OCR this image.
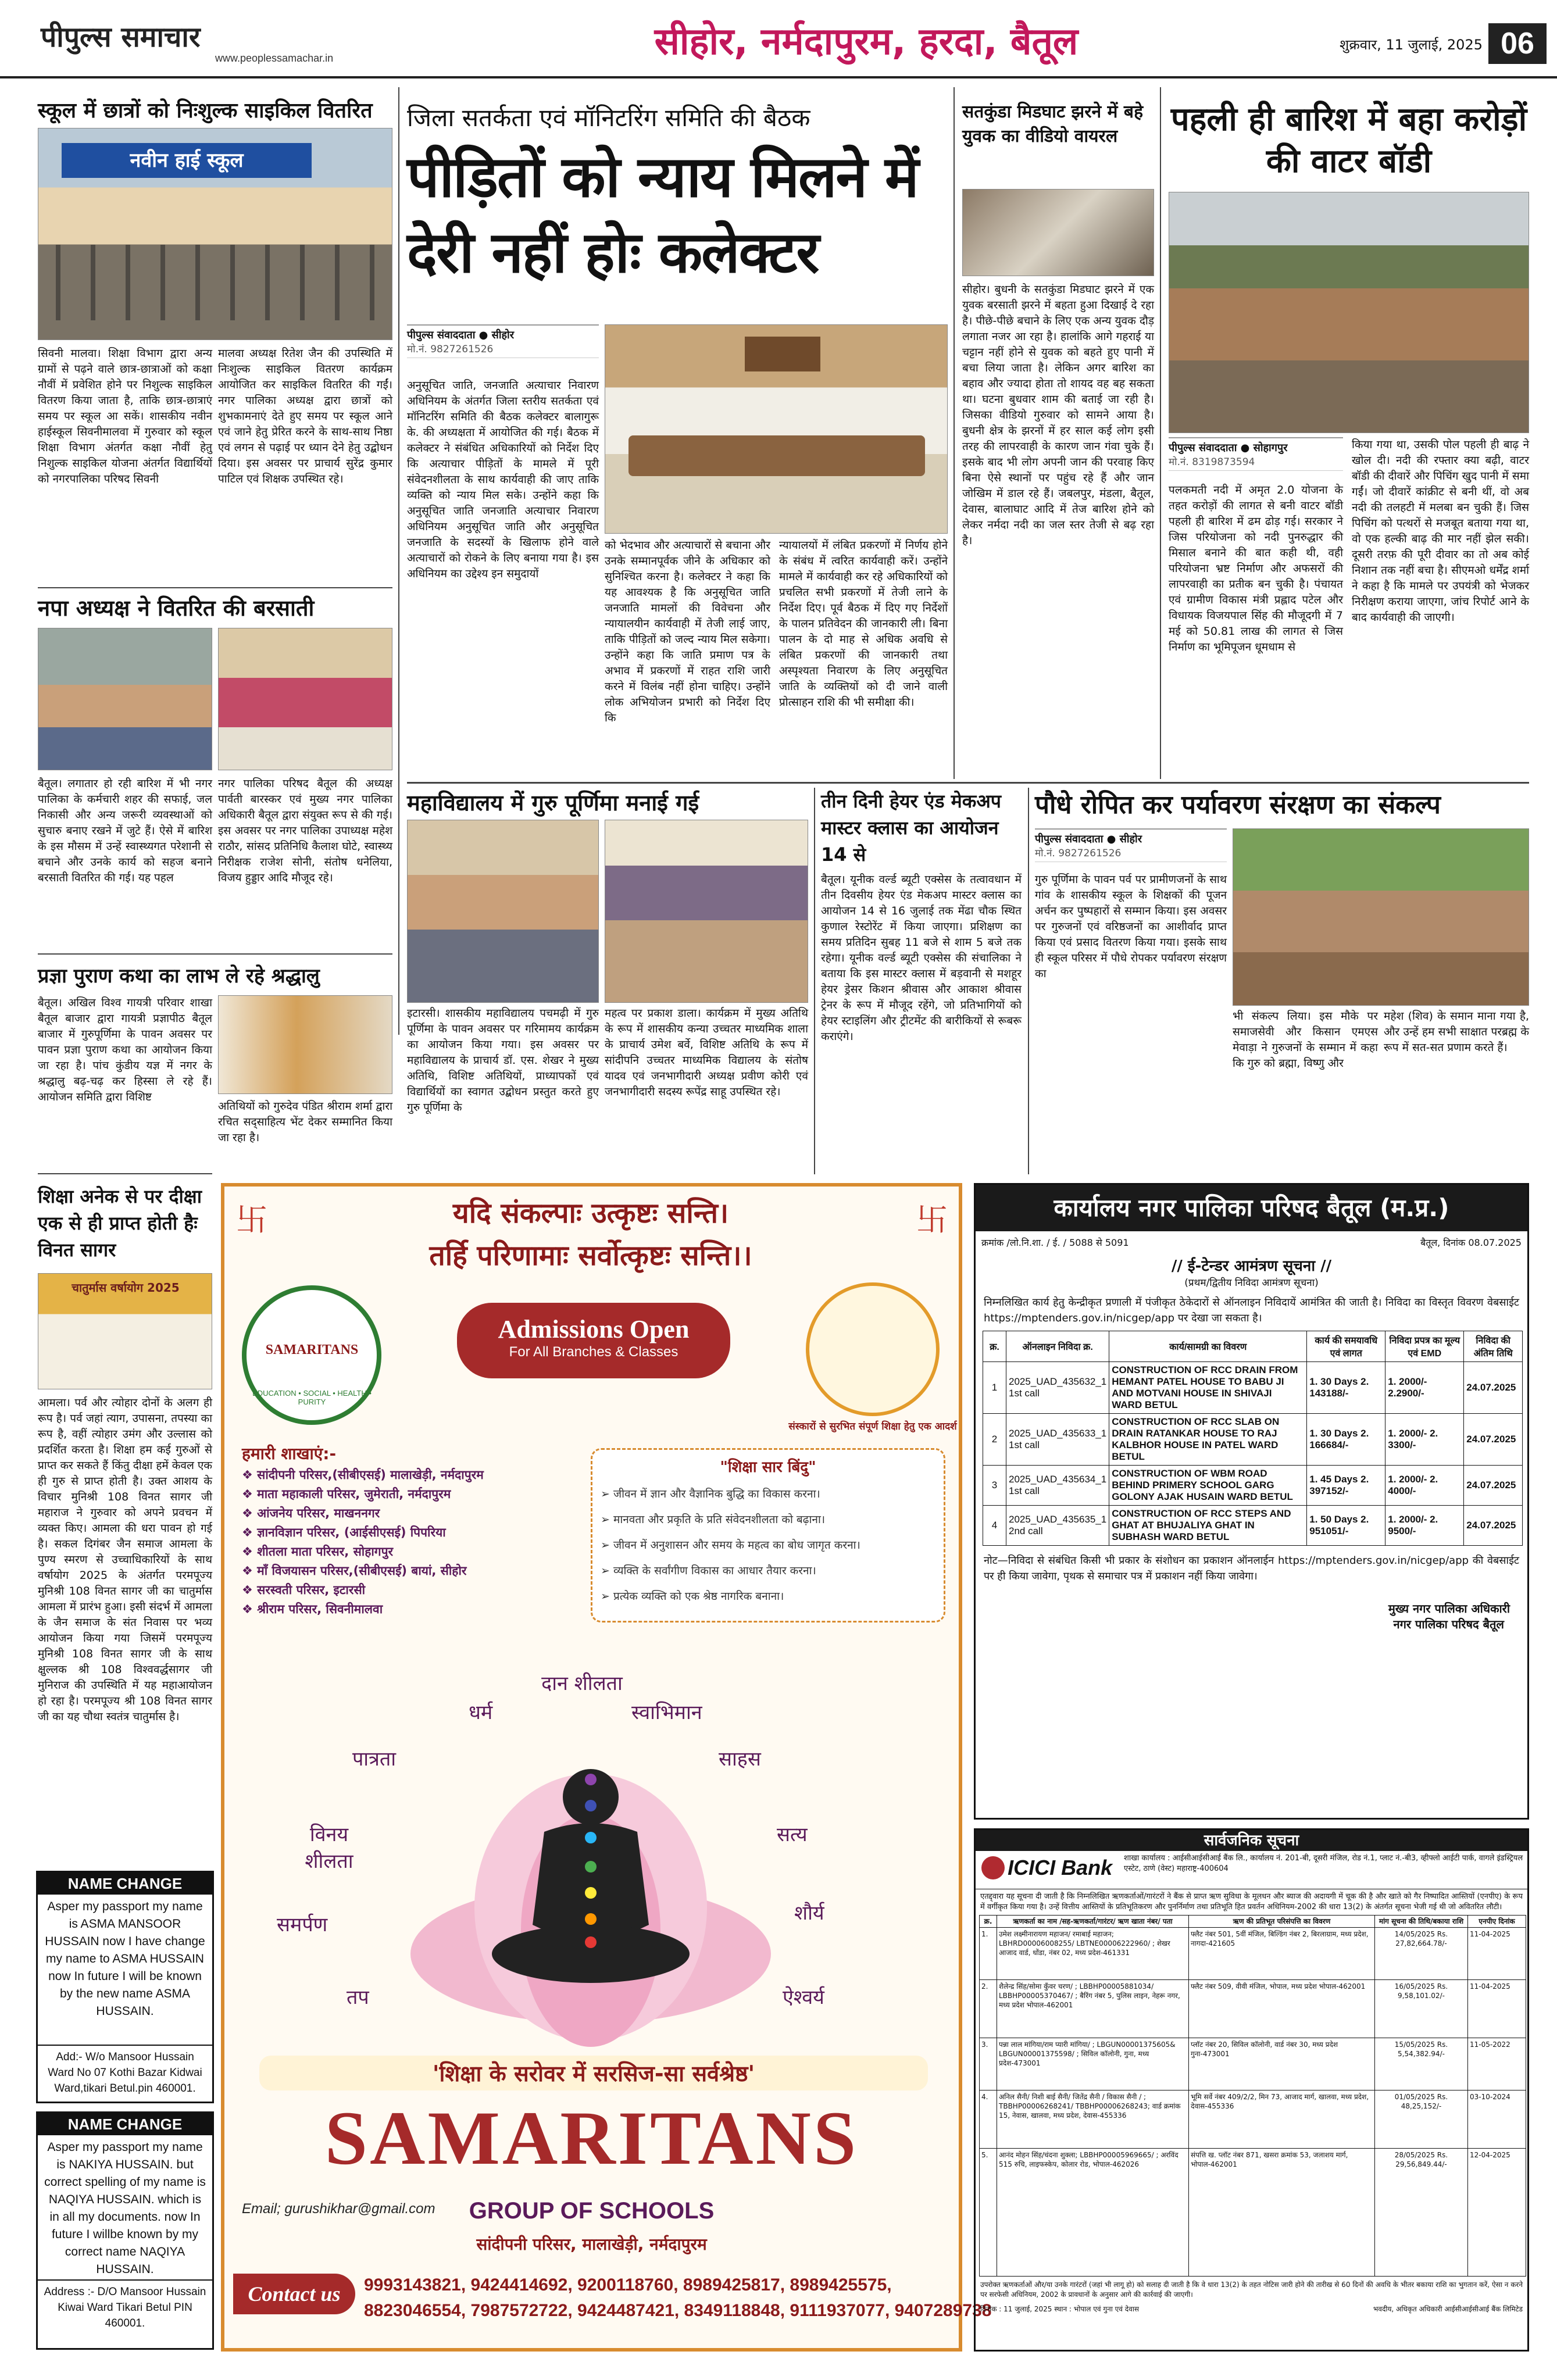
पीपुल्स समाचार
www.peoplessamachar.in	सीहोर, नर्मदापुरम, हरदा, बैतूल	शुक्रवार, 11 जुलाई, 2025 06
स्कूल में छात्रों को निःशुल्क साइकिल वितरित
नवीन हाई स्कूल
सिवनी मालवा। शिक्षा विभाग द्वारा अन्य ग्रामों से पढ़ने वाले छात्र-छात्राओं को कक्षा नौवीं में प्रवेशित होने पर निशुल्क साइकिल वितरण किया जाता है, ताकि छात्र-छात्राएं समय पर स्कूल आ सकें। शासकीय नवीन हाईस्कूल सिवनीमालवा में गुरुवार को स्कूल शिक्षा विभाग अंतर्गत कक्षा नौवीं हेतु निशुल्क साइकिल योजना अंतर्गत विद्यार्थियों को नगरपालिका परिषद सिवनी
मालवा अध्यक्ष रितेश जैन की उपस्थिति में निःशुल्क साइकिल वितरण कार्यक्रम आयोजित कर साइकिल वितरित की गईं। नगर पालिका अध्यक्ष द्वारा छात्रों को शुभकामनाएं देते हुए समय पर स्कूल आने एवं जाने हेतु प्रेरित करने के साथ-साथ निष्ठा एवं लगन से पढ़ाई पर ध्यान देने हेतु उद्बोधन दिया। इस अवसर पर प्राचार्य सुरेंद्र कुमार पाटिल एवं शिक्षक उपस्थित रहे।
नपा अध्यक्ष ने वितरित की बरसाती
बैतूल। लगातार हो रही बारिश में भी नगर पालिका के कर्मचारी शहर की सफाई, जल निकासी और अन्य जरूरी व्यवस्थाओं को सुचारु बनाए रखने में जुटे हैं। ऐसे में बारिश के इस मौसम में उन्हें स्वास्थ्यगत परेशानी से बचाने और उनके कार्य को सहज बनाने बरसाती वितरित की गई। यह पहल
नगर पालिका परिषद बैतूल की अध्यक्ष पार्वती बारस्कर एवं मुख्य नगर पालिका अधिकारी बैतूल द्वारा संयुक्त रूप से की गई। इस अवसर पर नगर पालिका उपाध्यक्ष महेश राठौर, सांसद प्रतिनिधि कैलाश घोटे, स्वास्थ्य निरीक्षक राजेश सोनी, संतोष धनेलिया, विजय हुड्डार आदि मौजूद रहे।
प्रज्ञा पुराण कथा का लाभ ले रहे श्रद्धालु
बैतूल। अखिल विश्व गायत्री परिवार शाखा बैतूल बाजार द्वारा गायत्री प्रज्ञापीठ बैतूल बाजार में गुरुपूर्णिमा के पावन अवसर पर पावन प्रज्ञा पुराण कथा का आयोजन किया जा रहा है। पांच कुंडीय यज्ञ में नगर के श्रद्धालु बढ़-चढ़ कर हिस्सा ले रहे हैं। आयोजन समिति द्वारा विशिष्ट
अतिथियों को गुरुदेव पंडित श्रीराम शर्मा द्वारा रचित सद्साहित्य भेंट देकर सम्मानित किया जा रहा है।
शिक्षा अनेक से पर दीक्षा एक से ही प्राप्त होती हैः विनत सागर
चातुर्मास वर्षायोग 2025
आमला। पर्व और त्योहार दोनों के अलग ही रूप है। पर्व जहां त्याग, उपासना, तपस्या का रूप है, वहीं त्योहार उमंग और उल्लास को प्रदर्शित करता है। शिक्षा हम कई गुरुओं से प्राप्त कर सकते हैं किंतु दीक्षा हमें केवल एक ही गुरु से प्राप्त होती है। उक्त आशय के विचार मुनिश्री 108 विनत सागर जी महाराज ने गुरुवार को अपने प्रवचन में व्यक्त किए। आमला की धरा पावन हो गई है। सकल दिगंबर जैन समाज आमला के पुण्य स्मरण से उच्चाधिकारियों के साथ वर्षायोग 2025 के अंतर्गत परमपूज्य मुनिश्री 108 विनत सागर जी का चातुर्मास आमला में प्रारंभ हुआ। इसी संदर्भ में आमला के जैन समाज के संत निवास पर भव्य आयोजन किया गया जिसमें परमपूज्य मुनिश्री 108 विनत सागर जी के साथ क्षुल्लक श्री 108 विश्ववर्द्धसागर जी मुनिराज की उपस्थिति में यह महाआयोजन हो रहा है। परमपूज्य श्री 108 विनत सागर जी का यह चौथा स्वतंत्र चातुर्मास है।
NAME CHANGE
Asper my passport my name is ASMA MANSOOR HUSSAIN now I have change my name to ASMA HUSSAIN now In future I will be known by the new name ASMA HUSSAIN.
Add:- W/o Mansoor Hussain Ward No 07 Kothi Bazar Kidwai Ward,tikari Betul.pin 460001.
NAME CHANGE
Asper my passport my name is NAKIYA HUSSAIN. but correct spelling of my name is NAQIYA HUSSAIN. which is in all my documents. now In future I willbe known by my correct name NAQIYA HUSSAIN.
Address :- D/O Mansoor Hussain Kiwai Ward Tikari Betul PIN 460001.
जिला सतर्कता एवं मॉनिटरिंग समिति की बैठक
पीड़ितों को न्याय मिलने में देरी नहीं होः कलेक्टर
पीपुल्स संवाददाता ● सीहोर
मो.नं. 9827261526
अनुसूचित जाति, जनजाति अत्याचार निवारण अधिनियम के अंतर्गत जिला स्तरीय सतर्कता एवं मॉनिटरिंग समिति की बैठक कलेक्टर बालागुरू के. की अध्यक्षता में आयोजित की गई। बैठक में कलेक्टर ने संबंधित अधिकारियों को निर्देश दिए कि अत्याचार पीड़ितों के मामले में पूरी संवेदनशीलता के साथ कार्यवाही की जाए ताकि व्यक्ति को न्याय मिल सके। उन्होंने कहा कि अनुसूचित जाति जनजाति अत्याचार निवारण अधिनियम अनुसूचित जाति और अनुसूचित जनजाति के सदस्यों के खिलाफ होने वाले अत्याचारों को रोकने के लिए बनाया गया है। इस अधिनियम का उद्देश्य इन समुदायों
को भेदभाव और अत्याचारों से बचाना और उनके सम्मानपूर्वक जीने के अधिकार को सुनिश्चित करना है। कलेक्टर ने कहा कि यह आवश्यक है कि अनुसूचित जाति जनजाति मामलों की विवेचना और न्यायालयीन कार्यवाही में तेजी लाई जाए, ताकि पीड़ितों को जल्द न्याय मिल सकेगा। उन्होंने कहा कि जाति प्रमाण पत्र के अभाव में प्रकरणों में राहत राशि जारी करने में विलंब नहीं होना चाहिए। उन्होंने लोक अभियोजन प्रभारी को निर्देश दिए कि
न्यायालयों में लंबित प्रकरणों में निर्णय होने के संबंध में त्वरित कार्यवाही करें। उन्होंने मामले में कार्यवाही कर रहे अधिकारियों को प्रचलित सभी प्रकरणों में तेजी लाने के निर्देश दिए। पूर्व बैठक में दिए गए निर्देशों के पालन प्रतिवेदन की जानकारी ली। बिना पालन के दो माह से अधिक अवधि से लंबित प्रकरणों की जानकारी तथा अस्पृश्यता निवारण के लिए अनुसूचित जाति के व्यक्तियों को दी जाने वाली प्रोत्साहन राशि की भी समीक्षा की।
सतकुंडा मिडघाट झरने में बहे युवक का वीडियो वायरल
सीहोर। बुधनी के सतकुंडा मिडघाट झरने में एक युवक बरसाती झरने में बहता हुआ दिखाई दे रहा है। पीछे-पीछे बचाने के लिए एक अन्य युवक दौड़ लगाता नजर आ रहा है। हालांकि आगे गहराई या चट्टान नहीं होने से युवक को बहते हुए पानी में बचा लिया जाता है। लेकिन अगर बारिश का बहाव और ज्यादा होता तो शायद वह बह सकता था। घटना बुधवार शाम की बताई जा रही है। जिसका वीडियो गुरुवार को सामने आया है। बुधनी क्षेत्र के झरनों में हर साल कई लोग इसी तरह की लापरवाही के कारण जान गंवा चुके हैं। इसके बाद भी लोग अपनी जान की परवाह किए बिना ऐसे स्थानों पर पहुंच रहे हैं और जान जोखिम में डाल रहे हैं। जबलपुर, मंडला, बैतूल, देवास, बालाघाट आदि में तेज बारिश होने को लेकर नर्मदा नदी का जल स्तर तेजी से बढ़ रहा है।
पहली ही बारिश में बहा करोड़ों की वाटर बॉडी
पीपुल्स संवाददाता ● सोहागपुर
मो.नं. 8319873594
पलकमती नदी में अमृत 2.0 योजना के तहत करोड़ों की लागत से बनी वाटर बॉडी पहली ही बारिश में ढम ढोड़ गई। सरकार ने जिस परियोजना को नदी पुनरुद्धार की मिसाल बनाने की बात कही थी, वही परियोजना भ्रष्ट निर्माण और अफसरों की लापरवाही का प्रतीक बन चुकी है। पंचायत एवं ग्रामीण विकास मंत्री प्रह्लाद पटेल और विधायक विजयपाल सिंह की मौजूदगी में 7 मई को 50.81 लाख की लागत से जिस निर्माण का भूमिपूजन धूमधाम से
किया गया था, उसकी पोल पहली ही बाढ़ ने खोल दी। नदी की रफ्तार क्या बढ़ी, वाटर बॉडी की दीवारें और पिचिंग खुद पानी में समा गईं। जो दीवारें कांक्रीट से बनी थीं, वो अब नदी की तलहटी में मलबा बन चुकी हैं। जिस पिचिंग को पत्थरों से मजबूत बताया गया था, वो एक हल्की बाढ़ की मार नहीं झेल सकी। दूसरी तरफ़ की पूरी दीवार का तो अब कोई निशान तक नहीं बचा है। सीएमओ धर्मेंद्र शर्मा ने कहा है कि मामले पर उपयंत्री को भेजकर निरीक्षण कराया जाएगा, जांच रिपोर्ट आने के बाद कार्यवाही की जाएगी।
महाविद्यालय में गुरु पूर्णिमा मनाई गई
इटारसी। शासकीय महाविद्यालय पचमढ़ी में गुरु पूर्णिमा के पावन अवसर पर गरिमामय कार्यक्रम का आयोजन किया गया। इस अवसर पर महाविद्यालय के प्राचार्य डॉ. एस. शेखर ने मुख्य अतिथि, विशिष्ट अतिथियों, प्राध्यापकों एवं विद्यार्थियों का स्वागत उद्बोधन प्रस्तुत करते हुए गुरु पूर्णिमा के
महत्व पर प्रकाश डाला। कार्यक्रम में मुख्य अतिथि के रूप में शासकीय कन्या उच्चतर माध्यमिक शाला के प्राचार्य उमेश बर्वे, विशिष्ट अतिथि के रूप में सांदीपनि उच्चतर माध्यमिक विद्यालय के संतोष यादव एवं जनभागीदारी अध्यक्ष प्रवीण कोरी एवं जनभागीदारी सदस्य रूपेंद्र साहू उपस्थित रहे।
तीन दिनी हेयर एंड मेकअप मास्टर क्लास का आयोजन 14 से
बैतूल। यूनीक वर्ल्ड ब्यूटी एक्सेस के तत्वावधान में तीन दिवसीय हेयर एंड मेकअप मास्टर क्लास का आयोजन 14 से 16 जुलाई तक मेंढा चौक स्थित कुणाल रेस्टोरेंट में किया जाएगा। प्रशिक्षण का समय प्रतिदिन सुबह 11 बजे से शाम 5 बजे तक रहेगा। यूनीक वर्ल्ड ब्यूटी एक्सेस की संचालिका ने बताया कि इस मास्टर क्लास में बड़वानी से मशहूर हेयर ड्रेसर किशन श्रीवास और आकाश श्रीवास ट्रेनर के रूप में मौजूद रहेंगे, जो प्रतिभागियों को हेयर स्टाइलिंग और ट्रीटमेंट की बारीकियों से रूबरू कराएंगे।
पौधे रोपित कर पर्यावरण संरक्षण का संकल्प
पीपुल्स संवाददाता ● सीहोर
मो.नं. 9827261526
गुरु पूर्णिमा के पावन पर्व पर प्रामीणजनों के साथ गांव के शासकीय स्कूल के शिक्षकों की पूजन अर्चन कर पुष्पहारों से सम्मान किया। इस अवसर पर गुरुजनों एवं वरिष्ठजनों का आशीर्वाद प्राप्त किया एवं प्रसाद वितरण किया गया। इसके साथ ही स्कूल परिसर में पौधे रोपकर पर्यावरण संरक्षण का
भी संकल्प लिया। इस मौके पर समाजसेवी और किसान एमएस मेवाड़ा ने गुरुजनों के सम्मान में कहा कि गुरु को ब्रह्मा, विष्णु और
महेश (शिव) के समान माना गया है, और उन्हें हम सभी साक्षात परब्रह्म के रूप में सत-सत प्रणाम करते हैं।
卐	卐
यदि संकल्पाः उत्कृष्टः सन्ति।
तर्हि परिणामाः सर्वोत्कृष्टः सन्ति।।
EDUCATION • SOCIAL • HEALTH • PURITY
SAMARITANS
Admissions Open
For All Branches & Classes
संस्कारों से सुरभित संपूर्ण शिक्षा हेतु एक आदर्श
हमारी शाखाएं:-
❖ सांदीपनी परिसर,(सीबीएसई) मालाखेड़ी, नर्मदापुरम
❖ माता महाकाली परिसर, जुमेराती, नर्मदापुरम
❖ आंजनेय परिसर, माखननगर
❖ ज्ञानविज्ञान परिसर, (आईसीएसई) पिपरिया
❖ शीतला माता परिसर, सोहागपुर
❖ माँ विजयासन परिसर,(सीबीएसई) बायां, सीहोर
❖ सरस्वती परिसर, इटारसी
❖ श्रीराम परिसर, सिवनीमालवा
"शिक्षा सार बिंदु"
➢ जीवन में ज्ञान और वैज्ञानिक बुद्धि का विकास करना।
➢ मानवता और प्रकृति के प्रति संवेदनशीलता को बढ़ाना।
➢ जीवन में अनुशासन और समय के महत्व का बोध जागृत करना।
➢ व्यक्ति के सर्वांगीण विकास का आधार तैयार करना।
➢ प्रत्येक व्यक्ति को एक श्रेष्ठ नागरिक बनाना।
दान शीलता
धर्म	स्वाभिमान
पात्रता	साहस
विनय शीलता
सत्य
समर्पण	शौर्य
तप	ऐश्वर्य
'शिक्षा के सरोवर में सरसिज-सा सर्वश्रेष्ठ'
SAMARITANS
Email; gurushikhar@gmail.com	GROUP OF SCHOOLS
सांदीपनी परिसर, मालाखेड़ी, नर्मदापुरम
Contact us	9993143821, 9424414692, 9200118760, 8989425817, 8989425575,
8823046554, 7987572722, 9424487421, 8349118848, 9111937077, 9407289738
कार्यालय नगर पालिका परिषद बैतूल (म.प्र.)
क्रमांक /लो.नि.शा. / ई. / 5088 से 5091	बैतूल, दिनांक 08.07.2025
// ई-टेन्डर आमंत्रण सूचना //
(प्रथम/द्वितीय निविदा आमंत्रण सूचना)
निम्नलिखित कार्य हेतु केन्द्रीकृत प्रणाली में पंजीकृत ठेकेदारों से ऑनलाइन निविदायें आमंत्रित की जाती है। निविदा का विस्तृत विवरण वेबसाईट https://mptenders.gov.in/nicgep/app पर देखा जा सकता है।
क्र.	ऑनलाइन निविदा क्र.	कार्य/सामग्री का विवरण	कार्य की समयावधि एवं लागत	निविदा प्रपत्र का मूल्य एवं EMD	निविदा की अंतिम तिथि
1	2025_UAD_435632_1 1st call	CONSTRUCTION OF RCC DRAIN FROM HEMANT PATEL HOUSE TO BABU JI AND MOTVANI HOUSE IN SHIVAJI WARD BETUL	1. 30 Days 2. 143188/-	1. 2000/- 2.2900/-	24.07.2025
2	2025_UAD_435633_1 1st call	CONSTRUCTION OF RCC SLAB ON DRAIN RATANKAR HOUSE TO RAJ KALBHOR HOUSE IN PATEL WARD BETUL	1. 30 Days 2. 166684/-	1. 2000/- 2. 3300/-	24.07.2025
3	2025_UAD_435634_1 1st call	CONSTRUCTION OF WBM ROAD BEHIND PRIMERY SCHOOL GARG GOLONY AJAK HUSAIN WARD BETUL	1. 45 Days 2. 397152/-	1. 2000/- 2. 4000/-	24.07.2025
4	2025_UAD_435635_1 2nd call	CONSTRUCTION OF RCC STEPS AND GHAT AT BHUJALIYA GHAT IN SUBHASH WARD BETUL	1. 50 Days 2. 951051/-	1. 2000/- 2. 9500/-	24.07.2025
नोट—निविदा से संबंधित किसी भी प्रकार के संशोधन का प्रकाशन ऑनलाईन https://mptenders.gov.in/nicgep/app की वेबसाईट पर ही किया जावेगा, पृथक से समाचार पत्र में प्रकाशन नहीं किया जावेगा।
मुख्य नगर पालिका अधिकारी
नगर पालिका परिषद बैतूल
सार्वजनिक सूचना
ICICI Bank	शाखा कार्यालय : आईसीआईसीआई बैंक लि., कार्यालय नं. 201-बी, दूसरी मंजिल, रोड नं.1, प्लाट नं.-बी3, व्हीफ्लो आईटी पार्क, वागले इंडस्ट्रियल एस्टेट, ठाणे (वेस्ट) महाराष्ट्र-400604
एतद्द्वारा यह सूचना दी जाती है कि निम्नलिखित ऋणकर्ताओं/गारंटरों ने बैंक से प्राप्त ऋण सुविधा के मूलधन और ब्याज की अदायगी में चूक की है और खाते को गैर निष्पादित आस्तियों (एनपीए) के रूप में वर्गीकृत किया गया है। उन्हें वित्तीय आस्तियों के प्रतिभूतिकरण और पुनर्निर्माण तथा प्रतिभूति हित प्रवर्तन अधिनियम-2002 की धारा 13(2) के अंतर्गत सूचना भेजी गई थी जो अवितरित लौटी।
क्र.	ऋणकर्ता का नाम /सह-ऋणकर्ता/गारंटर/ ऋण खाता नंबर/ पता	ऋण की प्रतिभूत परिसंपत्ति का विवरण	मांग सूचना की तिथि/बकाया राशि	एनपीए दिनांक
1.	उमेश लक्ष्मीनारायण महाजन/ रमाबाई महाजन; LBHRD00006008255/ LBTNE00006222960/ ; शेखर आजाद वार्ड, धोंडा, नंबर 02, मध्य प्रदेश-461331	फ्लैट नंबर 501, 5वीं मंजिल, बिल्डिंग नंबर 2, बिरलाग्राम, मध्य प्रदेश, नागदा-421605	14/05/2025 Rs. 27,82,664.78/-	11-04-2025
2.	शैलेन्द्र सिंह/सोमा कुँवर चरण/ ; LBBHP00005881034/ LBBHP00005370467/ ; बैरिंग नंबर 5, पुलिस लाइन, नेहरू नगर, मध्य प्रदेश भोपाल-462001	फ्लैट नंबर 509, वीवी मंजिल, भोपाल, मध्य प्रदेश भोपाल-462001	16/05/2025 Rs. 9,58,101.02/-	11-04-2025
3.	पन्ना लाल मांगिया/राम प्यारी मांगिया/ ; LBGUN00001375605& LBGUN00001375598/ ; सिविल कॉलोनी, गुना, मध्य प्रदेश-473001	प्लॉट नंबर 20, सिविल कॉलोनी, वार्ड नंबर 30, मध्य प्रदेश गुना-473001	15/05/2025 Rs. 5,54,382.94/-	11-05-2022
4.	अनिल सैनी/ निशी बाई सैनी/ जितेंद्र सैनी / विकास सैनी / ; TBBHP00006268241/ TBBHP00006268243; वार्ड क्रमांक 15, नेवास, खालवा, मध्य प्रदेश, देवास-455336	भूमि सर्वे नंबर 409/2/2, मिन 73, आजाद मार्ग, खालवा, मध्य प्रदेश, देवास-455336	01/05/2025 Rs. 48,25,152/-	03-10-2024
5.	आनंद मोहन सिंह/चंदना शुक्ला; LBBHP00005969665/ ; अरविंद 515 रुचि, लाइफस्केप, कोलार रोड, भोपाल-462026	संपत्ति ख. प्लॉट नंबर 871, खसरा क्रमांक 53, जलाशय मार्ग, भोपाल-462001	28/05/2025 Rs. 29,56,849.44/-	12-04-2025
उपरोक्त ऋणकर्ताओं और/या उनके गारंटरों (जहां भी लागू हो) को सलाह दी जाती है कि वे धारा 13(2) के तहत नोटिस जारी होने की तारीख से 60 दिनों की अवधि के भीतर बकाया राशि का भुगतान करें, ऐसा न करने पर सरफेसी अधिनियम, 2002 के प्रावधानों के अनुसार आगे की कार्रवाई की जाएगी।
दिनांक : 11 जुलाई, 2025 स्थान : भोपाल एवं गुना एवं देवास	भवदीय, अधिकृत अधिकारी आईसीआईसीआई बैंक लिमिटेड
